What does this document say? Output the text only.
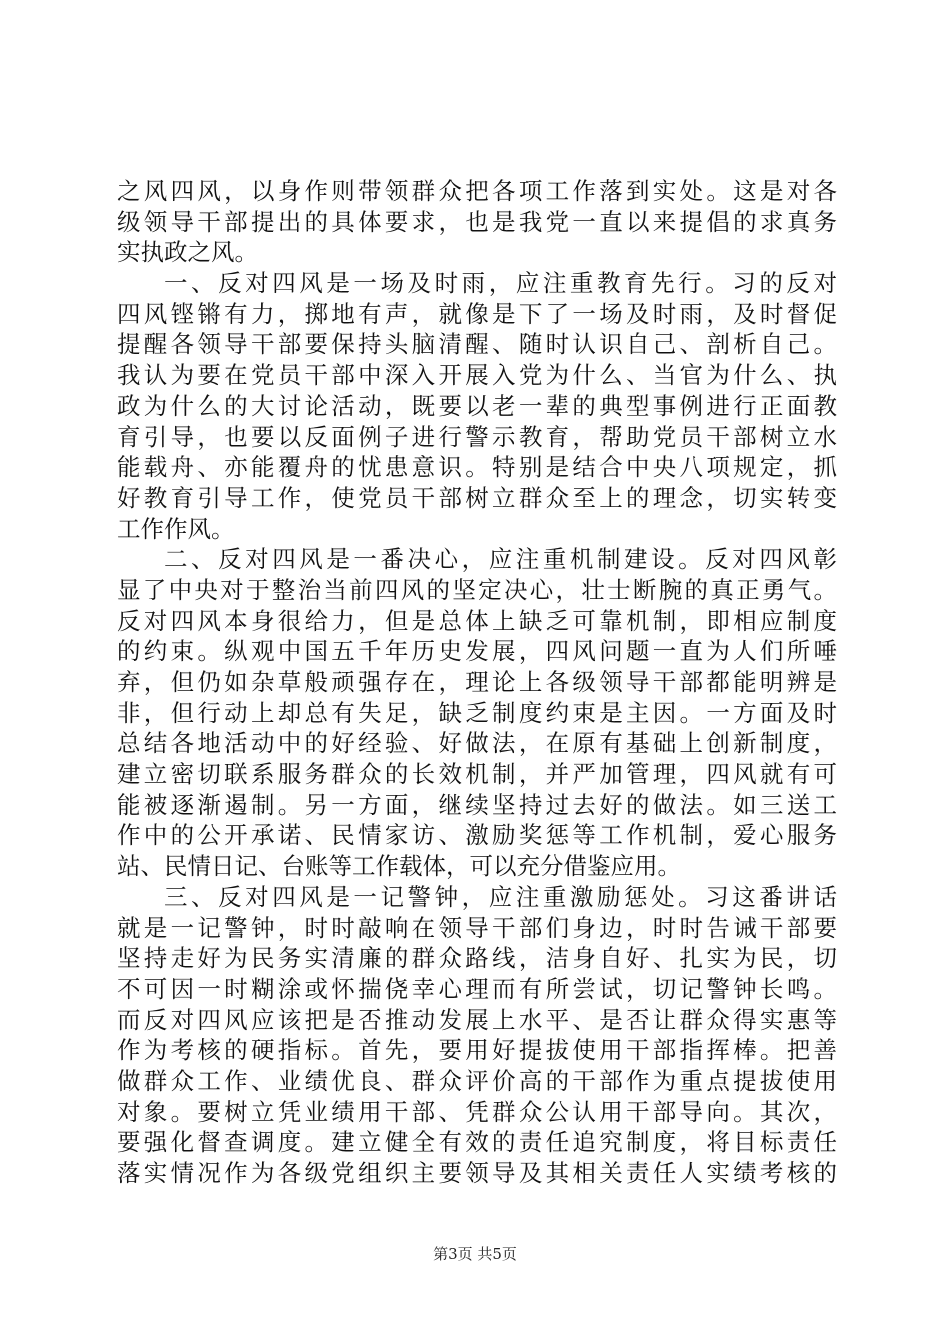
之风四风，以身作则带领群众把各项工作落到实处。这是对各
级领导干部提出的具体要求，也是我党一直以来提倡的求真务
实执政之风。
一、反对四风是一场及时雨，应注重教育先行。习的反对
四风铿锵有力，掷地有声，就像是下了一场及时雨，及时督促
提醒各领导干部要保持头脑清醒、随时认识自己、剖析自己。
我认为要在党员干部中深入开展入党为什么、当官为什么、执
政为什么的大讨论活动，既要以老一辈的典型事例进行正面教
育引导，也要以反面例子进行警示教育，帮助党员干部树立水
能载舟、亦能覆舟的忧患意识。特别是结合中央八项规定，抓
好教育引导工作，使党员干部树立群众至上的理念，切实转变
工作作风。
二、反对四风是一番决心，应注重机制建设。反对四风彰
显了中央对于整治当前四风的坚定决心，壮士断腕的真正勇气。
反对四风本身很给力，但是总体上缺乏可靠机制，即相应制度
的约束。纵观中国五千年历史发展，四风问题一直为人们所唾
弃，但仍如杂草般顽强存在，理论上各级领导干部都能明辨是
非，但行动上却总有失足，缺乏制度约束是主因。一方面及时
总结各地活动中的好经验、好做法，在原有基础上创新制度，
建立密切联系服务群众的长效机制，并严加管理，四风就有可
能被逐渐遏制。另一方面，继续坚持过去好的做法。如三送工
作中的公开承诺、民情家访、激励奖惩等工作机制，爱心服务
站、民情日记、台账等工作载体，可以充分借鉴应用。
三、反对四风是一记警钟，应注重激励惩处。习这番讲话
就是一记警钟，时时敲响在领导干部们身边，时时告诫干部要
坚持走好为民务实清廉的群众路线，洁身自好、扎实为民，切
不可因一时糊涂或怀揣侥幸心理而有所尝试，切记警钟长鸣。
而反对四风应该把是否推动发展上水平、是否让群众得实惠等
作为考核的硬指标。首先，要用好提拔使用干部指挥棒。把善
做群众工作、业绩优良、群众评价高的干部作为重点提拔使用
对象。要树立凭业绩用干部、凭群众公认用干部导向。其次，
要强化督查调度。建立健全有效的责任追究制度，将目标责任
落实情况作为各级党组织主要领导及其相关责任人实绩考核的
第3页 共5页
